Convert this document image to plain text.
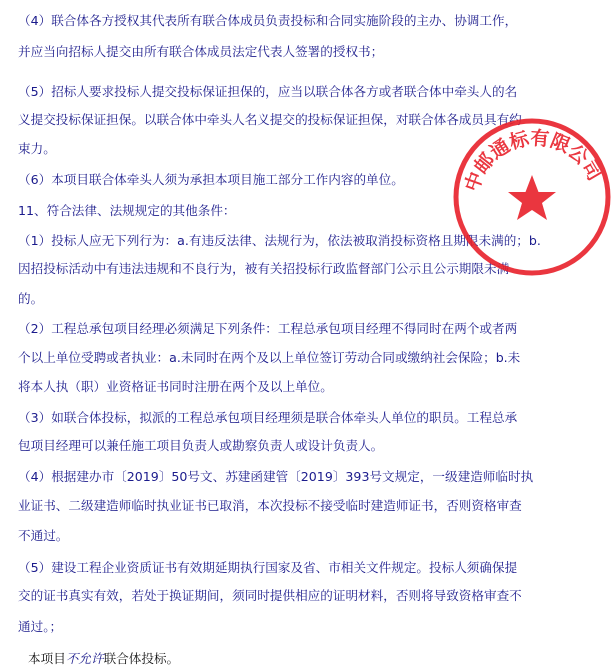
（4）联合体各方授权其代表所有联合体成员负责投标和合同实施阶段的主办、协调工作，
并应当向招标人提交由所有联合体成员法定代表人签署的授权书；
（5）招标人要求投标人提交投标保证担保的，应当以联合体各方或者联合体中牵头人的名
义提交投标保证担保。以联合体中牵头人名义提交的投标保证担保，对联合体各成员具有约
束力。
（6）本项目联合体牵头人须为承担本项目施工部分工作内容的单位。
11、符合法律、法规规定的其他条件：
（1）投标人应无下列行为：a.有违反法律、法规行为，依法被取消投标资格且期限未满的；b.
因招投标活动中有违法违规和不良行为，被有关招投标行政监督部门公示且公示期限未满
的。
（2）工程总承包项目经理必须满足下列条件：工程总承包项目经理不得同时在两个或者两
个以上单位受聘或者执业：a.未同时在两个及以上单位签订劳动合同或缴纳社会保险；b.未
将本人执（职）业资格证书同时注册在两个及以上单位。
（3）如联合体投标，拟派的工程总承包项目经理须是联合体牵头人单位的职员。工程总承
包项目经理可以兼任施工项目负责人或勘察负责人或设计负责人。
（4）根据建办市〔2019〕50号文、苏建函建管〔2019〕393号文规定，一级建造师临时执
业证书、二级建造师临时执业证书已取消，本次投标不接受临时建造师证书，否则资格审查
不通过。
（5）建设工程企业资质证书有效期延期执行国家及省、市相关文件规定。投标人须确保提
交的证书真实有效，若处于换证期间，须同时提供相应的证明材料，否则将导致资格审查不
通过。；
本项目不允许联合体投标。
中邮通标有限公司
